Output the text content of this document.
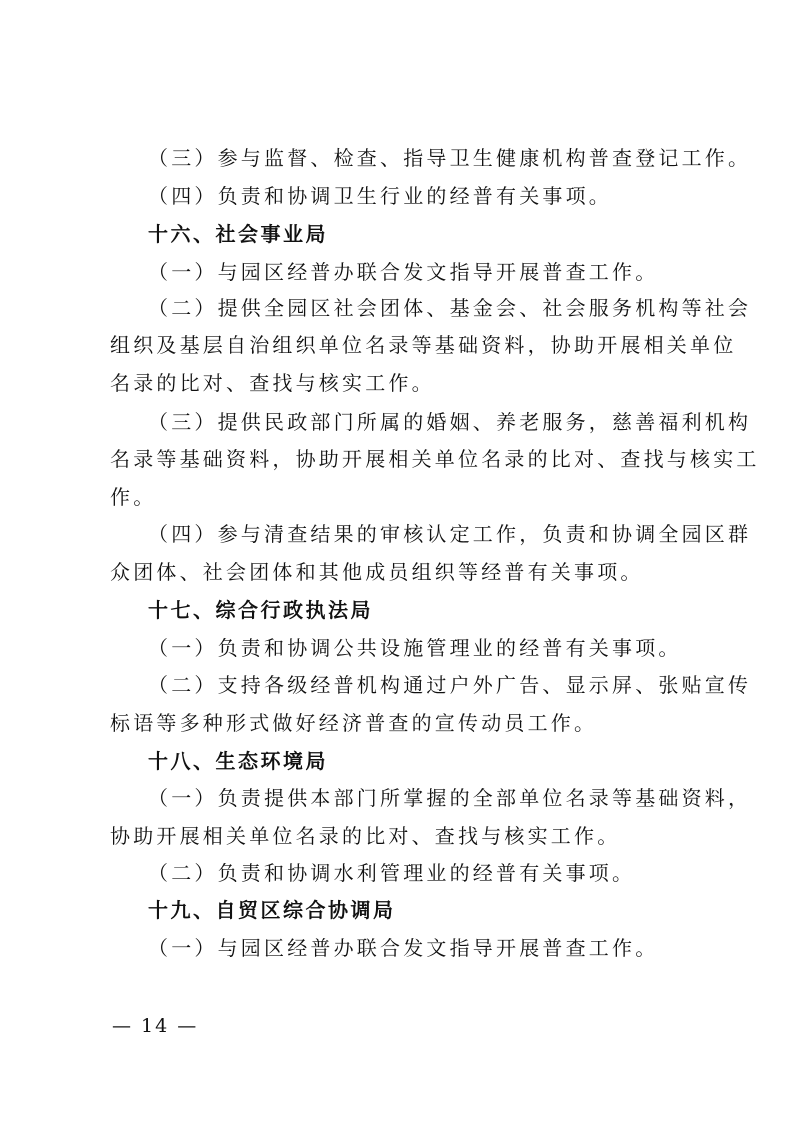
（三）参与监督、检查、指导卫生健康机构普查登记工作。
（四）负责和协调卫生行业的经普有关事项。
十六、社会事业局
（一）与园区经普办联合发文指导开展普查工作。
（二）提供全园区社会团体、基金会、社会服务机构等社会
组织及基层自治组织单位名录等基础资料，协助开展相关单位
名录的比对、查找与核实工作。
（三）提供民政部门所属的婚姻、养老服务，慈善福利机构
名录等基础资料，协助开展相关单位名录的比对、查找与核实工
作。
（四）参与清查结果的审核认定工作，负责和协调全园区群
众团体、社会团体和其他成员组织等经普有关事项。
十七、综合行政执法局
（一）负责和协调公共设施管理业的经普有关事项。
（二）支持各级经普机构通过户外广告、显示屏、张贴宣传
标语等多种形式做好经济普查的宣传动员工作。
十八、生态环境局
（一）负责提供本部门所掌握的全部单位名录等基础资料，
协助开展相关单位名录的比对、查找与核实工作。
（二）负责和协调水利管理业的经普有关事项。
十九、自贸区综合协调局
（一）与园区经普办联合发文指导开展普查工作。
— 14 —
